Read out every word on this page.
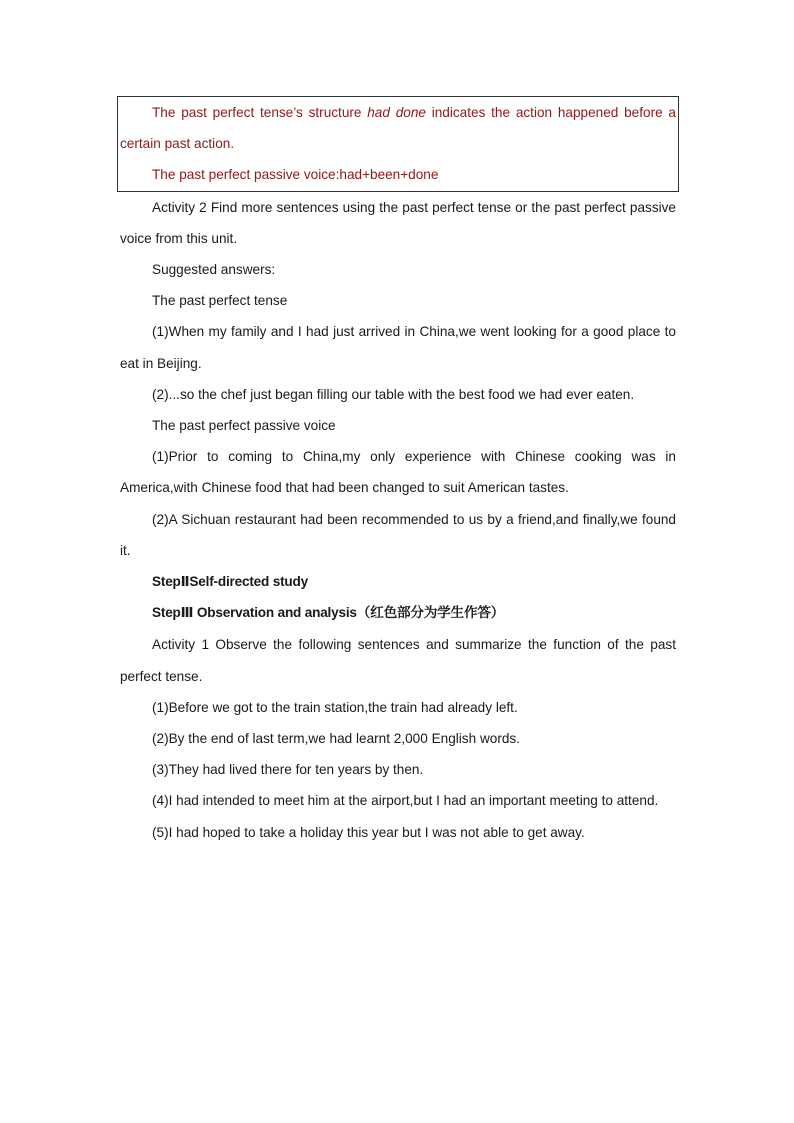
The past perfect tense’s structure had done indicates the action happened before a certain past action.

The past perfect passive voice:had+been+done

Activity 2 Find more sentences using the past perfect tense or the past perfect passive voice from this unit.

Suggested answers:

The past perfect tense

(1)When my family and I had just arrived in China,we went looking for a good place to eat in Beijing.

(2)...so the chef just began filling our table with the best food we had ever eaten.

The past perfect passive voice

(1)Prior to coming to China,my only experience with Chinese cooking was in America,with Chinese food that had been changed to suit American tastes.

(2)A Sichuan restaurant had been recommended to us by a friend,and finally,we found it.

StepⅡSelf-directed study

StepⅢ Observation and analysis（红色部分为学生作答）

Activity 1 Observe the following sentences and summarize the function of the past perfect tense.

(1)Before we got to the train station,the train had already left.

(2)By the end of last term,we had learnt 2,000 English words.

(3)They had lived there for ten years by then.

(4)I had intended to meet him at the airport,but I had an important meeting to attend.

(5)I had hoped to take a holiday this year but I was not able to get away.
